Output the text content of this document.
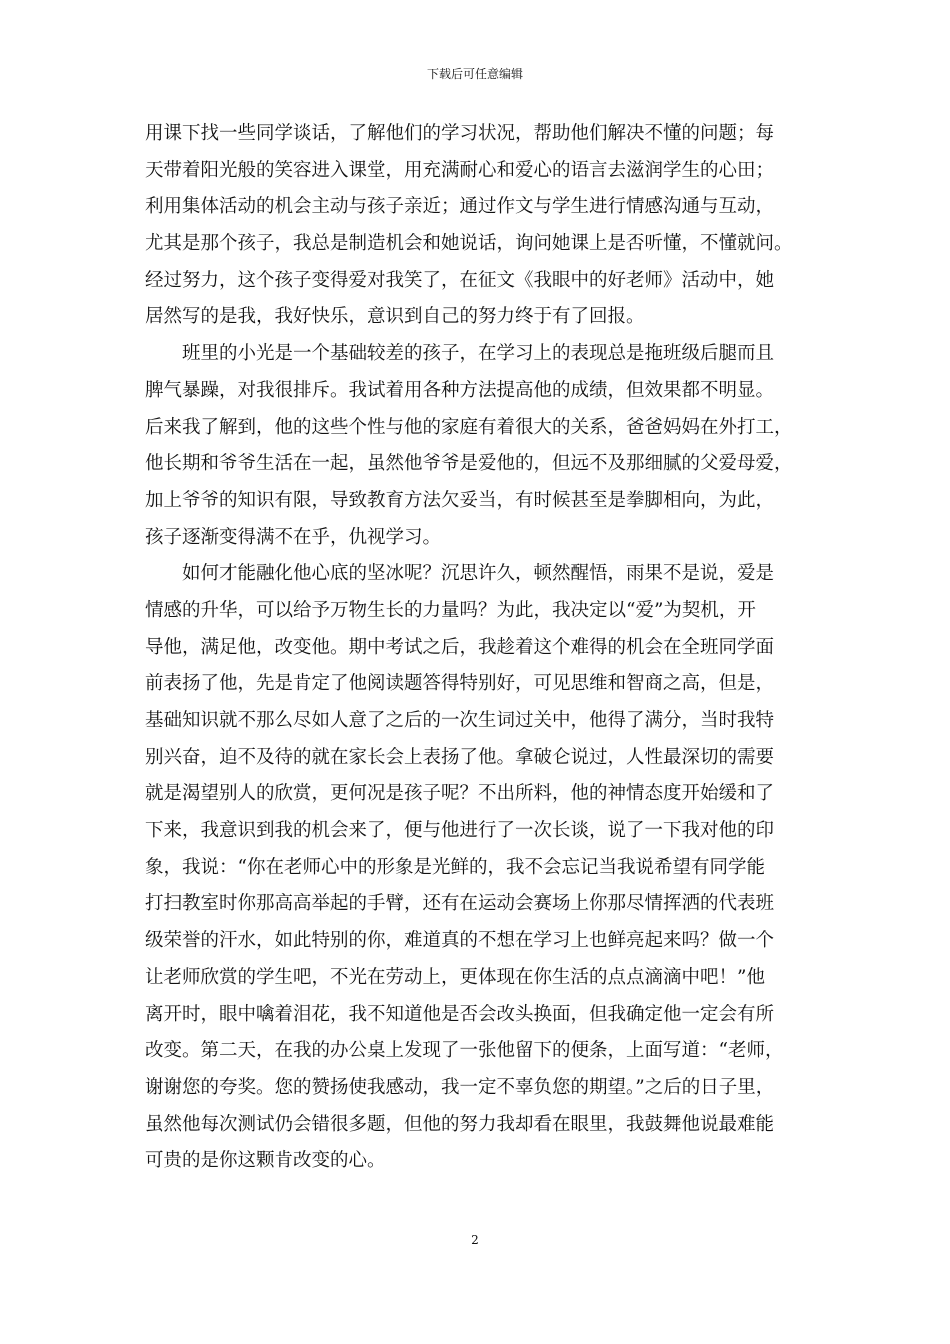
下载后可任意编辑
用课下找一些同学谈话，了解他们的学习状况，帮助他们解决不懂的问题；每
天带着阳光般的笑容进入课堂，用充满耐心和爱心的语言去滋润学生的心田；
利用集体活动的机会主动与孩子亲近；通过作文与学生进行情感沟通与互动，
尤其是那个孩子，我总是制造机会和她说话，询问她课上是否听懂，不懂就问。
经过努力，这个孩子变得爱对我笑了，在征文《我眼中的好老师》活动中，她
居然写的是我，我好快乐，意识到自己的努力终于有了回报。
班里的小光是一个基础较差的孩子，在学习上的表现总是拖班级后腿而且
脾气暴躁，对我很排斥。我试着用各种方法提高他的成绩，但效果都不明显。
后来我了解到，他的这些个性与他的家庭有着很大的关系，爸爸妈妈在外打工，
他长期和爷爷生活在一起，虽然他爷爷是爱他的，但远不及那细腻的父爱母爱，
加上爷爷的知识有限，导致教育方法欠妥当，有时候甚至是拳脚相向，为此，
孩子逐渐变得满不在乎，仇视学习。
如何才能融化他心底的坚冰呢？沉思许久，顿然醒悟，雨果不是说，爱是
情感的升华，可以给予万物生长的力量吗？为此，我决定以“爱”为契机，开
导他，满足他，改变他。期中考试之后，我趁着这个难得的机会在全班同学面
前表扬了他，先是肯定了他阅读题答得特别好，可见思维和智商之高，但是，
基础知识就不那么尽如人意了之后的一次生词过关中，他得了满分，当时我特
别兴奋，迫不及待的就在家长会上表扬了他。拿破仑说过，人性最深切的需要
就是渴望别人的欣赏，更何况是孩子呢？不出所料，他的神情态度开始缓和了
下来，我意识到我的机会来了，便与他进行了一次长谈，说了一下我对他的印
象，我说：“你在老师心中的形象是光鲜的，我不会忘记当我说希望有同学能
打扫教室时你那高高举起的手臂，还有在运动会赛场上你那尽情挥洒的代表班
级荣誉的汗水，如此特别的你，难道真的不想在学习上也鲜亮起来吗？做一个
让老师欣赏的学生吧，不光在劳动上，更体现在你生活的点点滴滴中吧！”他
离开时，眼中噙着泪花，我不知道他是否会改头换面，但我确定他一定会有所
改变。第二天，在我的办公桌上发现了一张他留下的便条，上面写道：“老师，
谢谢您的夸奖。您的赞扬使我感动，我一定不辜负您的期望。”之后的日子里，
虽然他每次测试仍会错很多题，但他的努力我却看在眼里，我鼓舞他说最难能
可贵的是你这颗肯改变的心。
2
